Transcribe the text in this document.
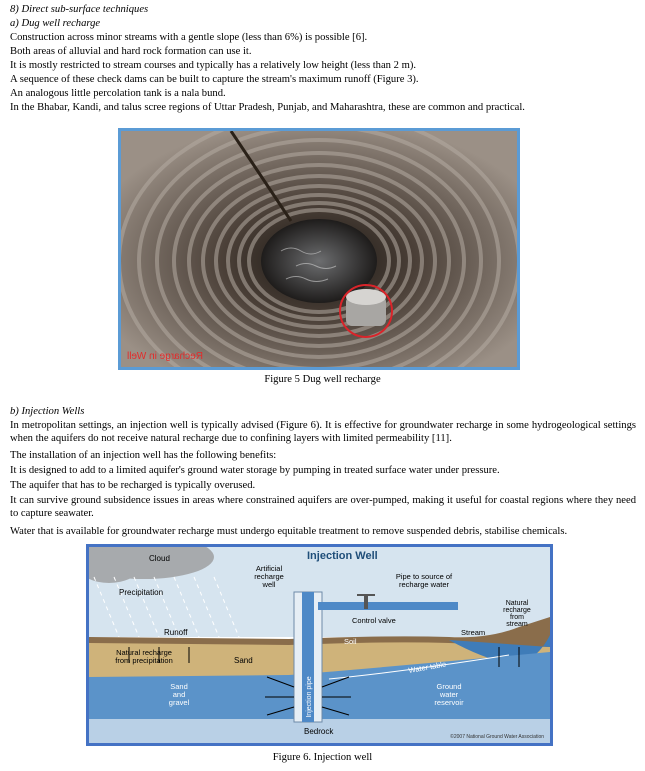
8) Direct sub-surface techniques
a) Dug well recharge
Construction across minor streams with a gentle slope (less than 6%) is possible [6].
Both areas of alluvial and hard rock formation can use it.
It is mostly restricted to stream courses and typically has a relatively low height (less than 2 m).
A sequence of these check dams can be built to capture the stream's maximum runoff (Figure 3).
An analogous little percolation tank is a nala bund.
In the Bhabar, Kandi, and talus scree regions of Uttar Pradesh, Punjab, and Maharashtra, these are common and practical.
Recharge in Well
Figure 5 Dug well recharge
b) Injection Wells
In metropolitan settings, an injection well is typically advised (Figure 6). It is effective for groundwater recharge in some hydrogeological settings when the aquifers do not receive natural recharge due to confining layers with limited permeability [11].
The installation of an injection well has the following benefits:
It is designed to add to a limited aquifer's ground water storage by pumping in treated surface water under pressure.
The aquifer that has to be recharged is typically overused.
It can survive ground subsidence issues in areas where constrained aquifers are over-pumped, making it useful for coastal regions where they need to capture seawater.
Water that is available for groundwater recharge must undergo equitable treatment to remove suspended debris, stabilise chemicals.
Injection Well
Cloud
Precipitation
Artificial
recharge
well
Pipe to source of
recharge water
Natural
recharge
from
stream
Control valve
Runoff
Soil
Stream
Natural recharge
from precipitation	Sand	Water table
Sand
and
gravel	Injection pipe	Ground
water
reservoir
Bedrock
©2007 National Ground Water Association
Figure 6. Injection well
